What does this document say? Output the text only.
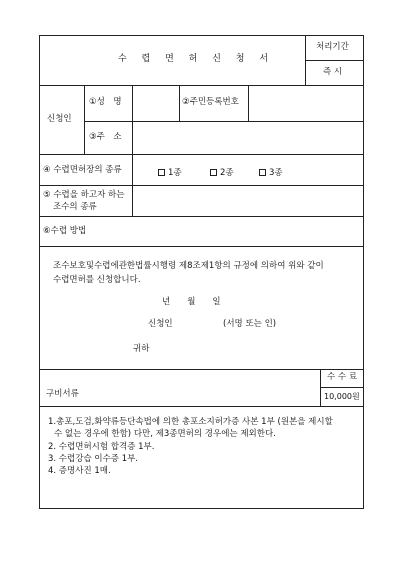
수 렵 면 허 신 청 서
처리기간
즉 시
신청인
①성　명	②주민등록번호
③주　소
④ 수렵면허장의 종류	1종	2종	3종
⑤ 수렵을 하고자 하는
조수의 종류
⑥수렵 방법
조수보호및수렵에관한법률시행령 제8조제1항의 규정에 의하여 위와 같이
수렵면허를 신청합니다.
년　　월　　일
신청인	(서명 또는 인)
귀하
구비서류
수 수 료
10,000원
1.총포,도검,화약류등단속법에 의한 총포소지허가증 사본 1부 (원본을 제시할
수 없는 경우에 한함) 다만, 제3종면허의 경우에는 제외한다.
2. 수렵면허시험 합격증 1부.
3. 수렵강습 이수증 1부.
4. 증명사진 1매.
